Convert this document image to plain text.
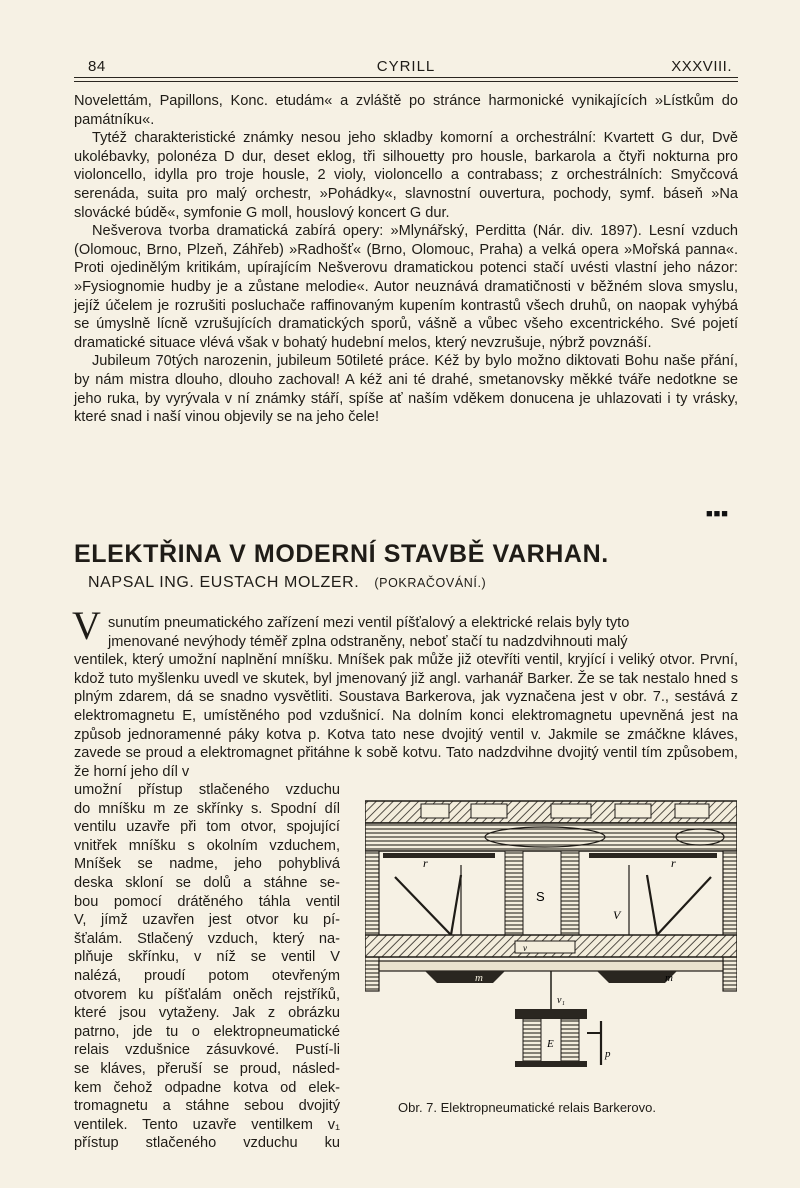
84	CYRILL	XXXVIII.

Novelettám, Papillons, Konc. etudám« a zvláště po stránce harmonické vynikajících »Lístkům do památníku«.

Tytéž charakteristické známky nesou jeho skladby komorní a orchestrální: Kvartett G dur, Dvě ukolébavky, polonéza D dur, deset eklog, tři silhouetty pro housle, barkarola a čtyři nokturna pro violoncello, idylla pro troje housle, 2 violy, violoncello a contrabass; z orchestrálních: Smyčcová serenáda, suita pro malý orchestr, »Pohádky«, slavnostní ouvertura, pochody, symf. báseň »Na slovácké búdě«, symfonie G moll, houslový koncert G dur.

Nešverova tvorba dramatická zabírá opery: »Mlynářský, Perditta (Nár. div. 1897). Lesní vzduch (Olomouc, Brno, Plzeň, Záhřeb) »Radhošť« (Brno, Olomouc, Praha) a velká opera »Mořská panna«. Proti ojedinělým kritikám, upírajícím Nešverovu dramatickou potenci stačí uvésti vlastní jeho názor: »Fysiognomie hudby je a zůstane melodie«. Autor neuznává dramatičnosti v běžném slova smyslu, jejíž účelem je rozrušiti posluchače raffinovaným kupením kontrastů všech druhů, on naopak vyhýbá se úmyslně lícně vzrušujících dramatických sporů, vášně a vůbec všeho excentrického. Své pojetí dramatické situace vlévá však v bohatý hudební melos, který nevzrušuje, nýbrž povznáší.

Jubileum 70tých narozenin, jubileum 50tileté práce. Kéž by bylo možno diktovati Bohu naše přání, by nám mistra dlouho, dlouho zachoval! A kéž ani té drahé, smetanovsky měkké tváře nedotkne se jeho ruka, by vyrývala v ní známky stáří, spíše ať naším vděkem donucena je uhlazovati i ty vrásky, které snad i naší vinou objevily se na jeho čele!

■■■
ELEKTŘINA V MODERNÍ STAVBĚ VARHAN.
NAPSAL ING. EUSTACH MOLZER. (POKRAČOVÁNÍ.)
V sunutím pneumatického zařízení mezi ventil píšťalový a elektrické relais byly tyto

jmenované nevýhody téměř zplna odstraněny, neboť stačí tu nadzdvihnouti malý

ventilek, který umožní naplnění mníšku. Mníšek pak může již otevříti ventil, kryjící i veliký otvor. První, kdož tuto myšlenku uvedl ve skutek, byl jmenovaný již angl. varhanář Barker. Že se tak nestalo hned s plným zdarem, dá se snadno vysvětliti. Soustava Barkerova, jak vyznačena jest v obr. 7., sestává z elektromagnetu E, umístěného pod vzdušnicí. Na dolním konci elektromagnetu upevněná jest na způsob jednoramenné páky kotva p. Kotva tato nese dvojitý ventil v. Jakmile se zmáčkne kláves, zavede se proud a elektromagnet přitáhne k sobě kotvu. Tato nadzdvihne dvojitý ventil tím způsobem, že horní jeho díl v

umožní přístup stlačeného vzduchu
do mníšku m ze skřínky s. Spodní díl
ventilu uzavře při tom otvor, spojující
vnitřek mníšku s okolním vzduchem,
Mníšek se nadme, jeho pohyblivá
deska skloní se dolů a stáhne se-
bou pomocí drátěného táhla ventil
V, jímž uzavřen jest otvor ku pí-
šťalám. Stlačený vzduch, který na-
plňuje skřínku, v níž se ventil V
nalézá, proudí potom otevřeným
otvorem ku píšťalám oněch rejstříků,
které jsou vytaženy. Jak z obrázku
patrno, jde tu o elektropneumatické
relais vzdušnice zásuvkové. Pustí-li
se kláves, přeruší se proud, násled-
kem čehož odpadne kotva od elek-
tromagnetu a stáhne sebou dvojitý
ventilek. Tento uzavře ventilkem v₁
přístup stlačeného vzduchu ku
S
r	r
V
v
m	m
v₁
E
p
Obr. 7. Elektropneumatické relais Barkerovo.
